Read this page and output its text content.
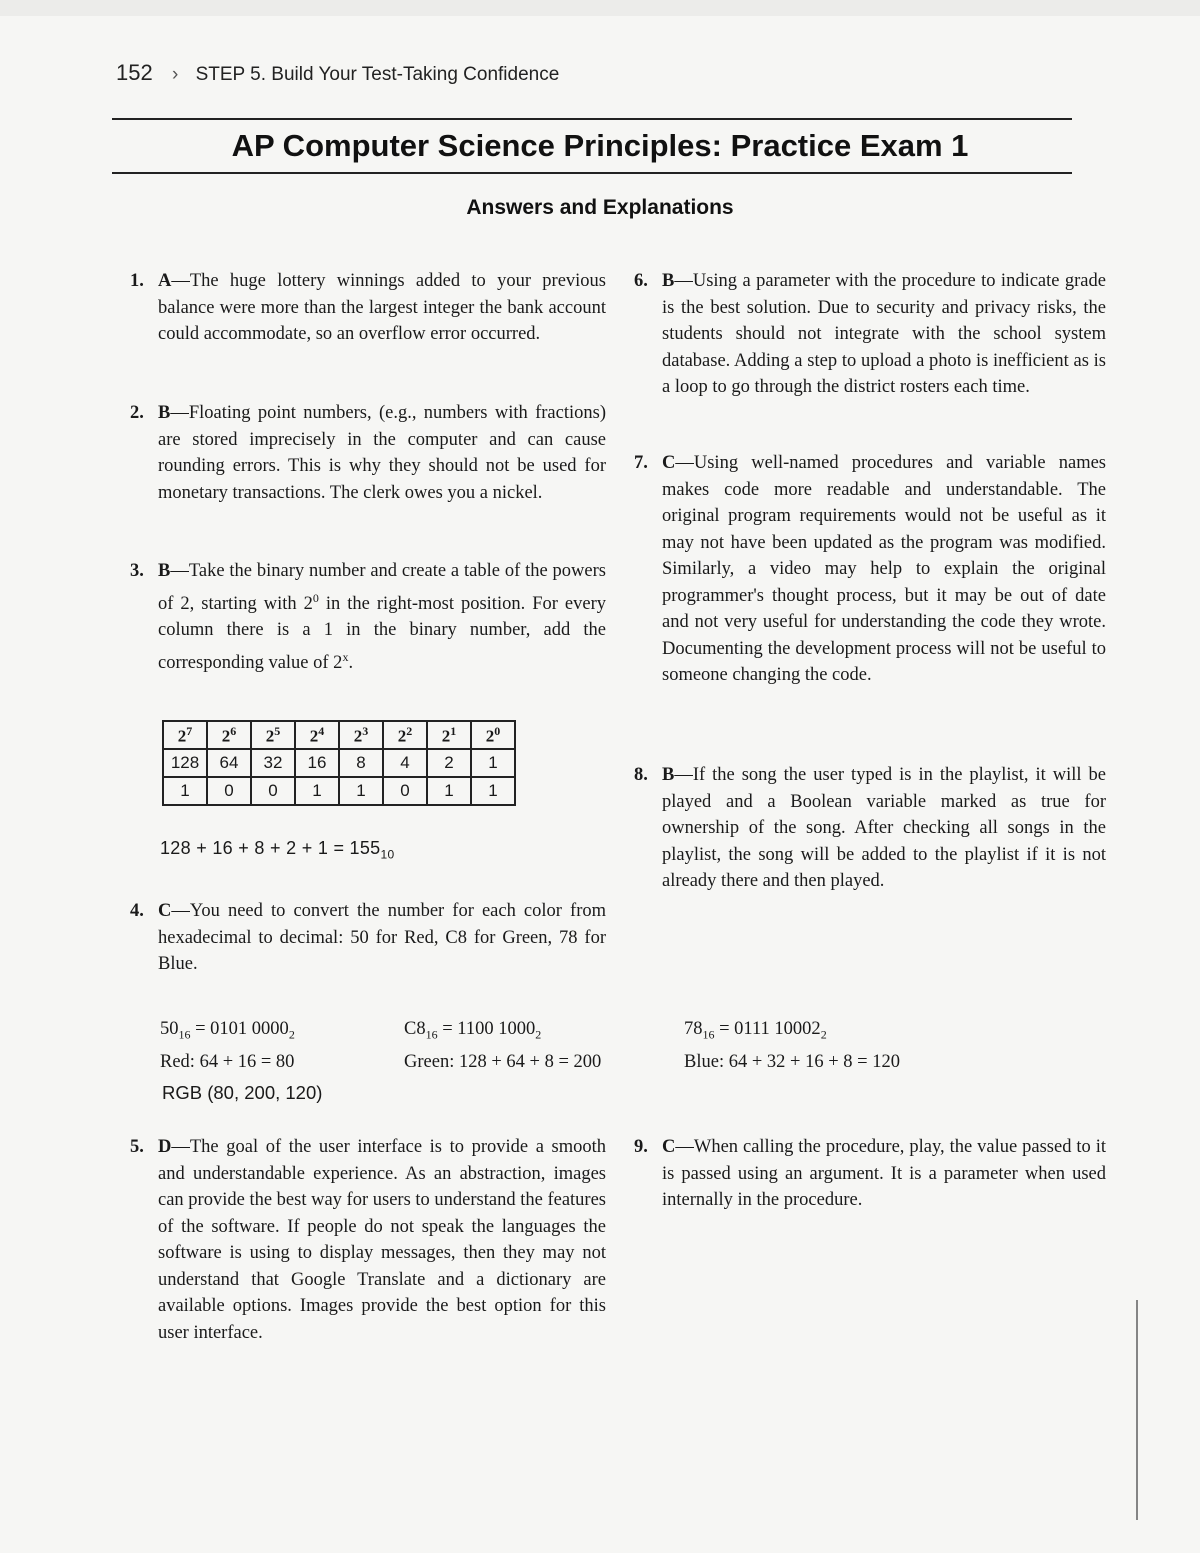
152 › STEP 5. Build Your Test-Taking Confidence
AP Computer Science Principles: Practice Exam 1
Answers and Explanations
1. A—The huge lottery winnings added to your previous balance were more than the largest integer the bank account could accommodate, so an overflow error occurred.
2. B—Floating point numbers, (e.g., numbers with fractions) are stored imprecisely in the computer and can cause rounding errors. This is why they should not be used for monetary transactions. The clerk owes you a nickel.
3. B—Take the binary number and create a table of the powers of 2, starting with $2^0$ in the right-most position. For every column there is a 1 in the binary number, add the corresponding value of 2$^x$.
$2^7$	$2^6$	$2^5$	$2^4$	$2^3$	$2^2$	$2^1$	$2^0$
128	64	32	16	8	4	2	1
1	0	0	1	1	0	1	1
$128 + 16 + 8 + 2 + 1 = 155_{10}$
4. C—You need to convert the number for each color from hexadecimal to decimal: 50 for Red, C8 for Green, 78 for Blue.
$50_{16} = 0101$ $0000_2$
Red: 64 + 16 = 80
$C8_{16} = 1100$ $1000_2$
Green: 128 + 64 + 8 = 200
$78_{16} = 0111$ $10002_2$
Blue: 64 + 32 + 16 + 8 = 120
RGB (80, 200, 120)
5. D—The goal of the user interface is to provide a smooth and understandable experience. As an abstraction, images can provide the best way for users to understand the features of the software. If people do not speak the languages the software is using to display messages, then they may not understand that Google Translate and a dictionary are available options. Images provide the best option for this user interface.
6. B—Using a parameter with the procedure to indicate grade is the best solution. Due to security and privacy risks, the students should not integrate with the school system database. Adding a step to upload a photo is inefficient as is a loop to go through the district rosters each time.
7. C—Using well-named procedures and variable names makes code more readable and understandable. The original program requirements would not be useful as it may not have been updated as the program was modified. Similarly, a video may help to explain the original programmer's thought process, but it may be out of date and not very useful for understanding the code they wrote. Documenting the development process will not be useful to someone changing the code.
8. B—If the song the user typed is in the playlist, it will be played and a Boolean variable marked as true for ownership of the song. After checking all songs in the playlist, the song will be added to the playlist if it is not already there and then played.
9. C—When calling the procedure, play, the value passed to it is passed using an argument. It is a parameter when used internally in the procedure.
